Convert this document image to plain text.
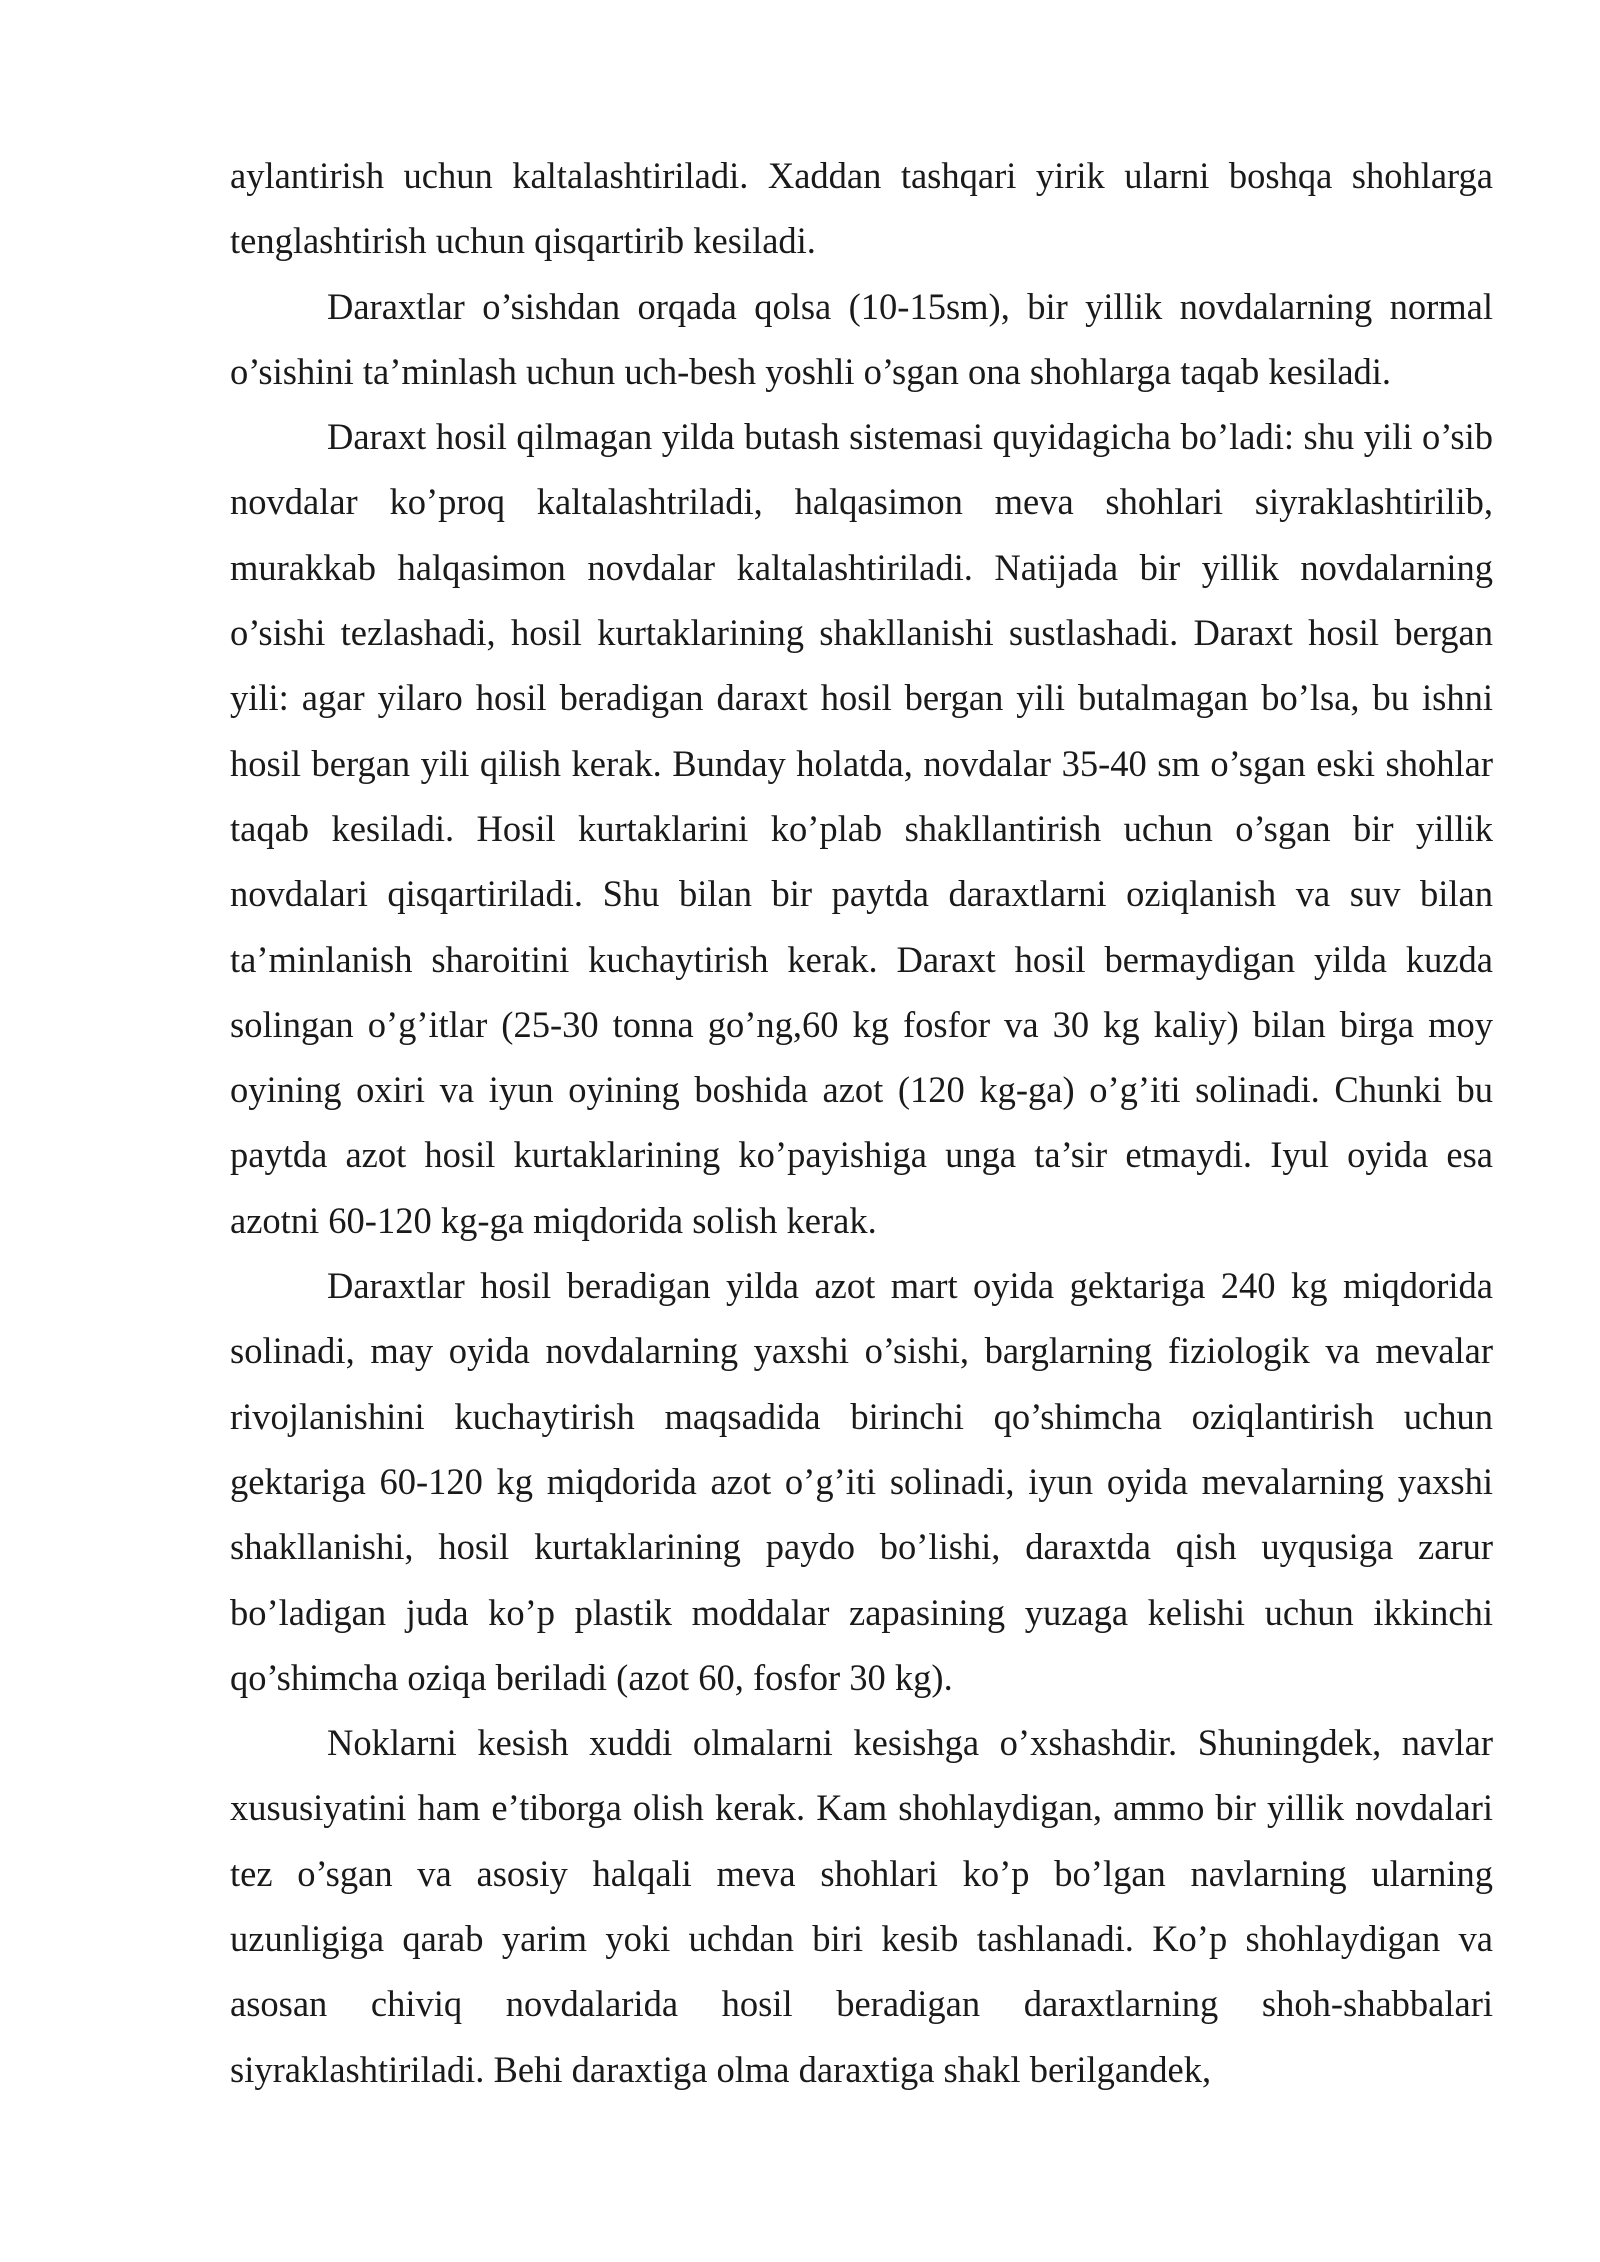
aylantirish uchun kaltalashtiriladi. Xaddan tashqari yirik ularni boshqa shohlarga tenglashtirish uchun qisqartirib kesiladi.

Daraxtlar o’sishdan orqada qolsa (10-15sm), bir yillik novdalarning normal o’sishini ta’minlash uchun uch-besh yoshli o’sgan ona shohlarga taqab kesiladi.

Daraxt hosil qilmagan yilda butash sistemasi quyidagicha bo’ladi: shu yili o’sib novdalar ko’proq kaltalashtriladi, halqasimon meva shohlari siyraklashtirilib, murakkab halqasimon novdalar kaltalashtiriladi. Natijada bir yillik novdalarning o’sishi tezlashadi, hosil kurtaklarining shakllanishi sustlashadi. Daraxt hosil bergan yili: agar yilaro hosil beradigan daraxt hosil bergan yili butalmagan bo’lsa, bu ishni hosil bergan yili qilish kerak. Bunday holatda, novdalar 35-40 sm o’sgan eski shohlar taqab kesiladi. Hosil kurtaklarini ko’plab shakllantirish uchun o’sgan bir yillik novdalari qisqartiriladi. Shu bilan bir paytda daraxtlarni oziqlanish va suv bilan ta’minlanish sharoitini kuchaytirish kerak. Daraxt hosil bermaydigan yilda kuzda solingan o’g’itlar (25-30 tonna go’ng,60 kg fosfor va 30 kg kaliy) bilan birga moy oyining oxiri va iyun oyining boshida azot (120 kg-ga) o’g’iti solinadi. Chunki bu paytda azot hosil kurtaklarining ko’payishiga unga ta’sir etmaydi. Iyul oyida esa azotni 60-120 kg-ga miqdorida solish kerak.

Daraxtlar hosil beradigan yilda azot mart oyida gektariga 240 kg miqdorida solinadi, may oyida novdalarning yaxshi o’sishi, barglarning fiziologik va mevalar rivojlanishini kuchaytirish maqsadida birinchi qo’shimcha oziqlantirish uchun gektariga 60-120 kg miqdorida azot o’g’iti solinadi, iyun oyida mevalarning yaxshi shakllanishi, hosil kurtaklarining paydo bo’lishi, daraxtda qish uyqusiga zarur bo’ladigan juda ko’p plastik moddalar zapasining yuzaga kelishi uchun ikkinchi qo’shimcha oziqa beriladi (azot 60, fosfor 30 kg).

Noklarni kesish xuddi olmalarni kesishga o’xshashdir. Shuningdek, navlar xususiyatini ham e’tiborga olish kerak. Kam shohlaydigan, ammo bir yillik novdalari tez o’sgan va asosiy halqali meva shohlari ko’p bo’lgan navlarning ularning uzunligiga qarab yarim yoki uchdan biri kesib tashlanadi. Ko’p shohlaydigan va asosan chiviq novdalarida hosil beradigan daraxtlarning shoh-shabbalari siyraklashtiriladi. Behi daraxtiga olma daraxtiga shakl berilgandek,
